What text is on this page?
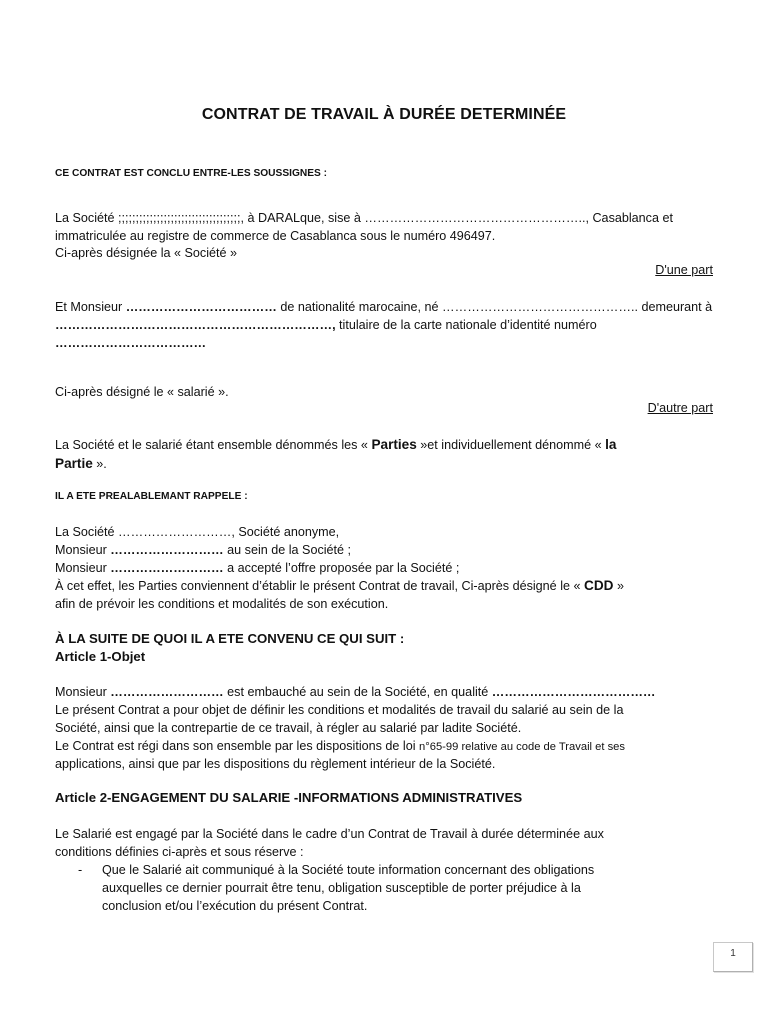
CONTRAT DE TRAVAIL À DURÉE DETERMINÉE
CE CONTRAT EST CONCLU ENTRE-LES SOUSSIGNES :
La Société ;;;;;;;;;;;;;;;;;;;;;;;;;;;;;;;;;;;, à DARALque, sise à …………………………………………….., Casablanca et
immatriculée au registre de commerce de Casablanca sous le numéro 496497.
Ci-après désignée la « Société »
D'une part
Et Monsieur ……………………………… de nationalité marocaine, né ……………………………………….. demeurant à
…………………………………………………………, titulaire de la carte nationale d’identité numéro
………………………………
Ci-après désigné le « salarié ».
D'autre part
La Société et le salarié étant ensemble dénommés les « Parties »et individuellement dénommé « la
Partie ».
IL A ETE PREALABLEMANT RAPPELE :
La Société ………………………, Société anonyme,
Monsieur ……………………… au sein de la Société ;
Monsieur ……………………… a accepté l’offre proposée par la Société ;
À cet effet, les Parties conviennent d’établir le présent Contrat de travail, Ci-après désigné le « CDD »
afin de prévoir les conditions et modalités de son exécution.
À LA SUITE DE QUOI IL A ETE CONVENU CE QUI SUIT :
Article 1-Objet
Monsieur ……………………… est embauché au sein de la Société, en qualité …………………………………
Le présent Contrat a pour objet de définir les conditions et modalités de travail du salarié au sein de la
Société, ainsi que la contrepartie de ce travail, à régler au salarié par ladite Société.
Le Contrat est régi dans son ensemble par les dispositions de loi n°65-99 relative au code de Travail et ses
applications, ainsi que par les dispositions du règlement intérieur de la Société.
Article 2-ENGAGEMENT DU SALARIE -INFORMATIONS ADMINISTRATIVES
Le Salarié est engagé par la Société dans le cadre d’un Contrat de Travail à durée déterminée aux
conditions définies ci-après et sous réserve :
- Que le Salarié ait communiqué à la Société toute information concernant des obligations
auxquelles ce dernier pourrait être tenu, obligation susceptible de porter préjudice à la
conclusion et/ou l’exécution du présent Contrat.
1
